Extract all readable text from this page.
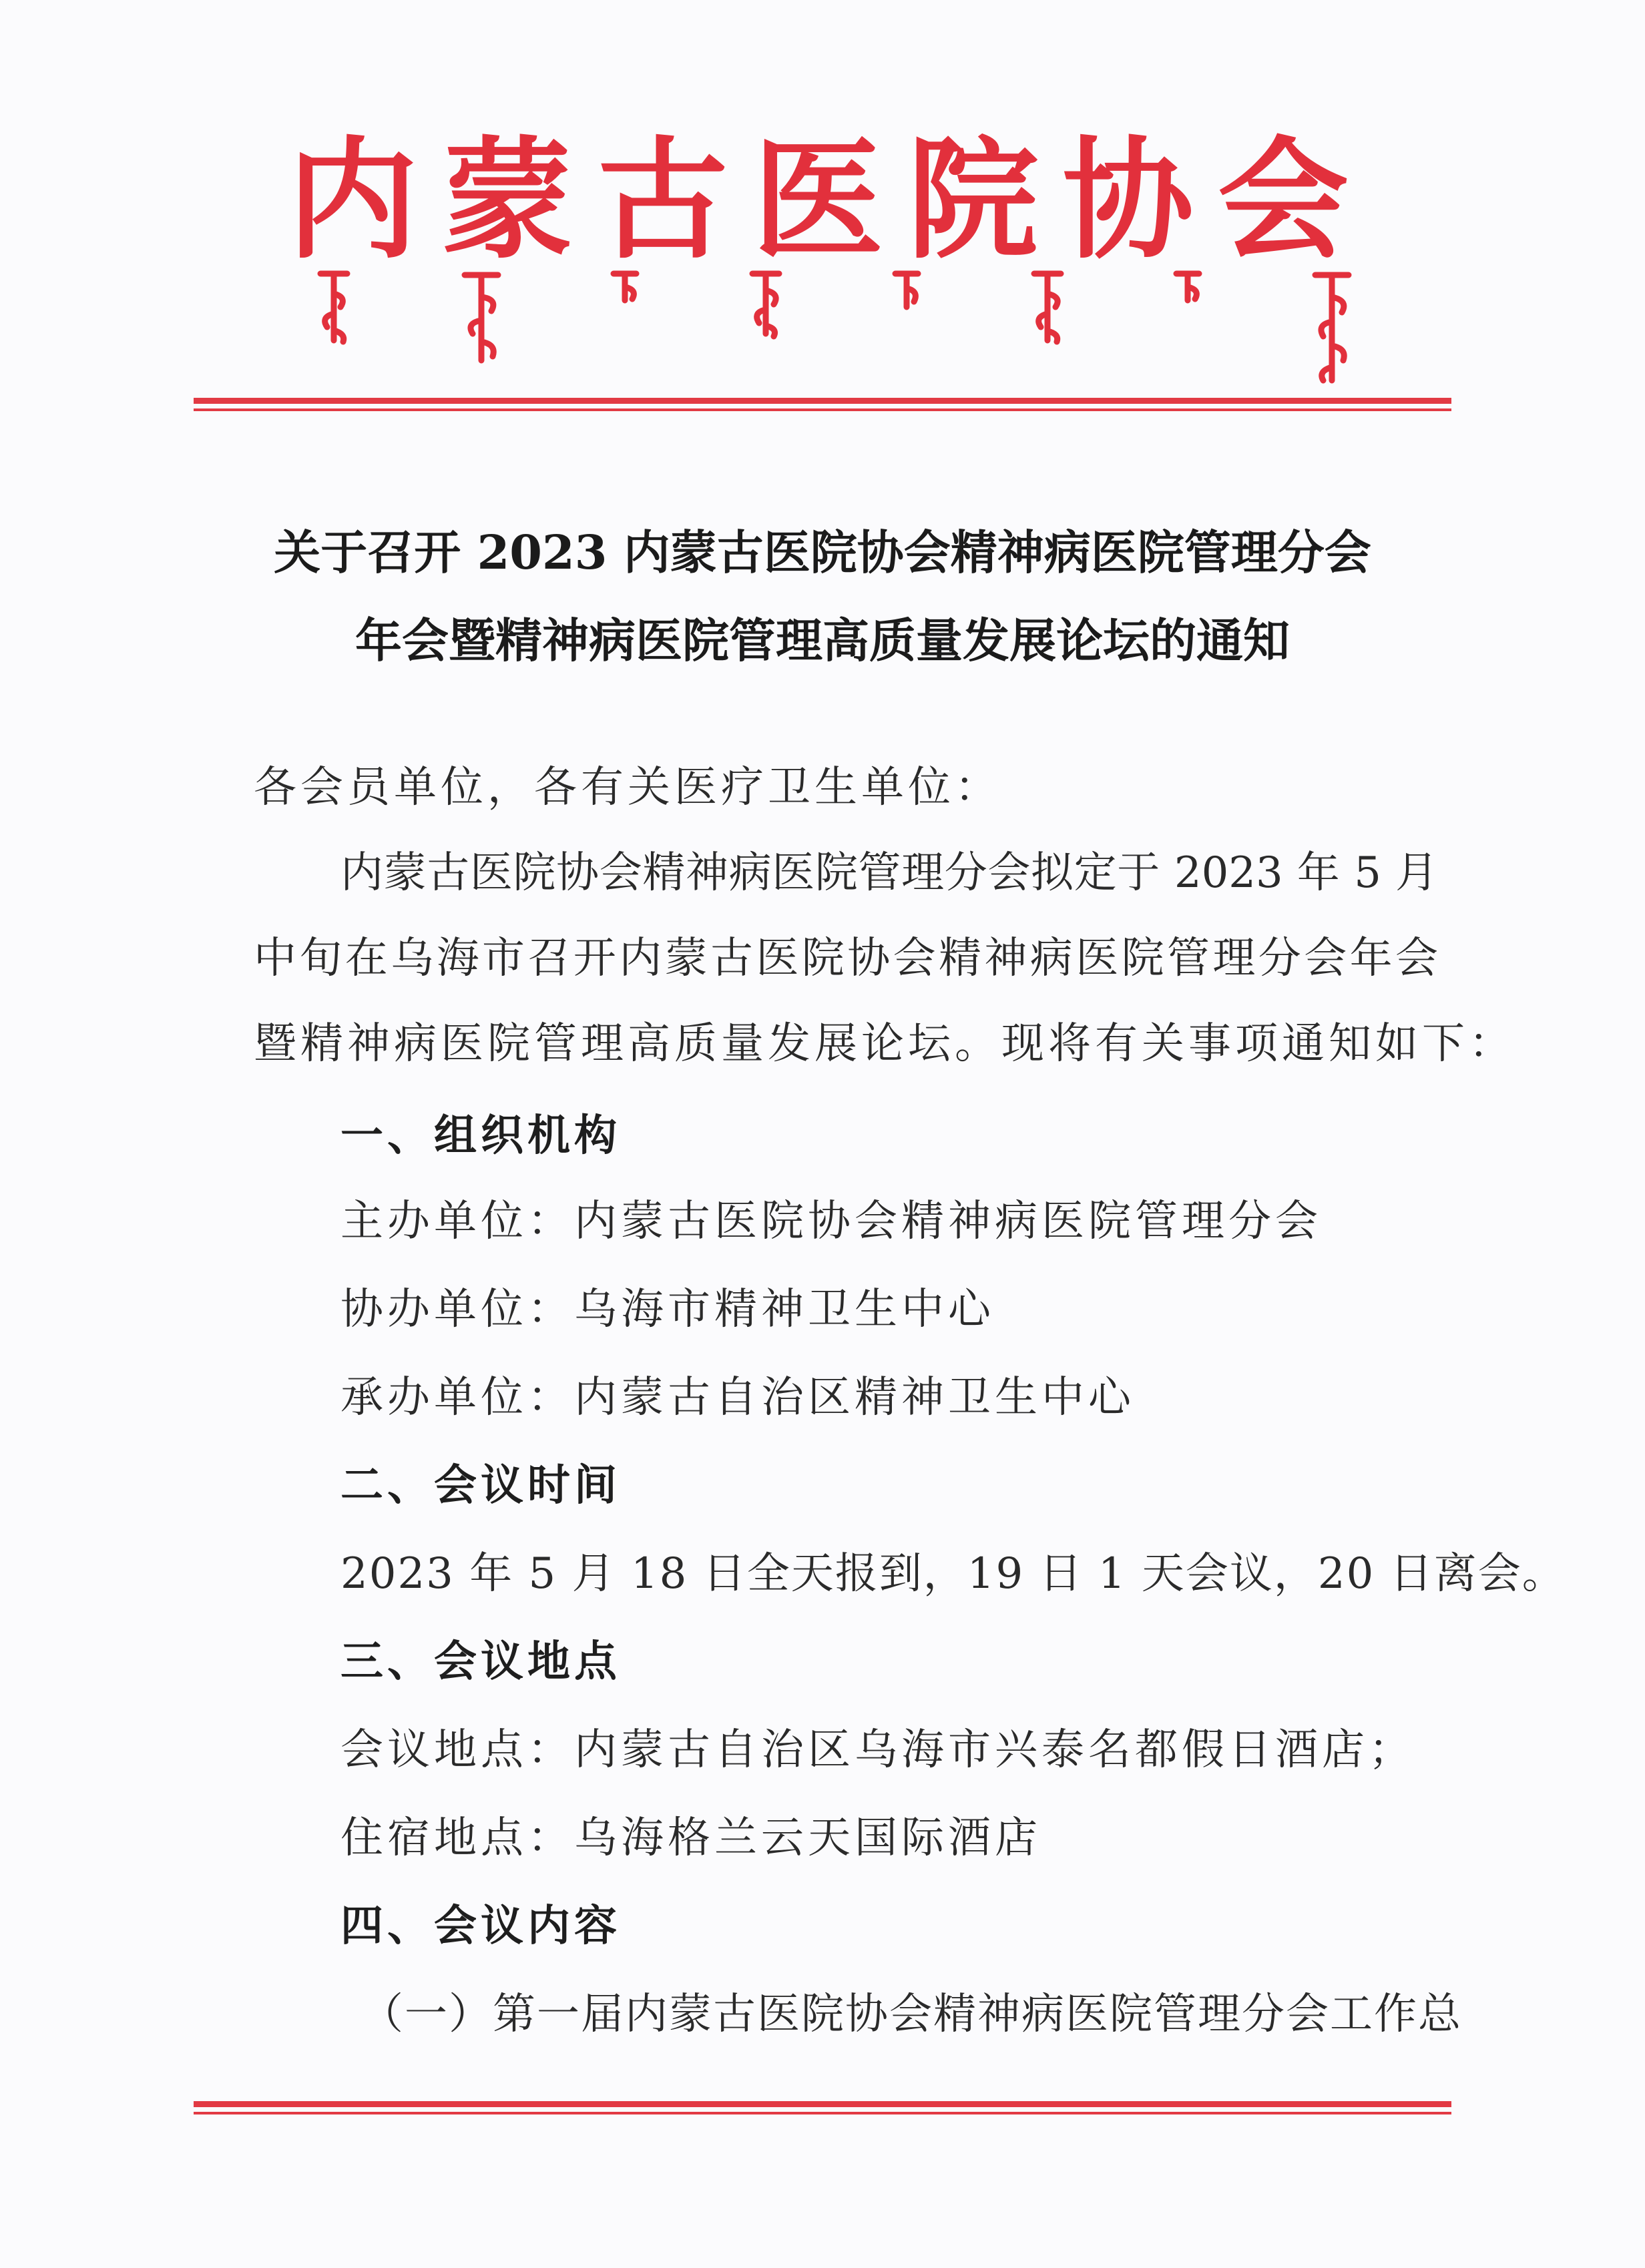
内 蒙 古 医 院 协 会
关于召开 2023 内蒙古医院协会精神病医院管理分会
年会暨精神病医院管理高质量发展论坛的通知
各会员单位，各有关医疗卫生单位：
内蒙古医院协会精神病医院管理分会拟定于 2023 年 5 月
中旬在乌海市召开内蒙古医院协会精神病医院管理分会年会
暨精神病医院管理高质量发展论坛。现将有关事项通知如下：
一、组织机构
主办单位：内蒙古医院协会精神病医院管理分会
协办单位：乌海市精神卫生中心
承办单位：内蒙古自治区精神卫生中心
二、会议时间
2023 年 5 月 18 日全天报到，19 日 1 天会议，20 日离会。
三、会议地点
会议地点：内蒙古自治区乌海市兴泰名都假日酒店；
住宿地点：乌海格兰云天国际酒店
四、会议内容
（一）第一届内蒙古医院协会精神病医院管理分会工作总
